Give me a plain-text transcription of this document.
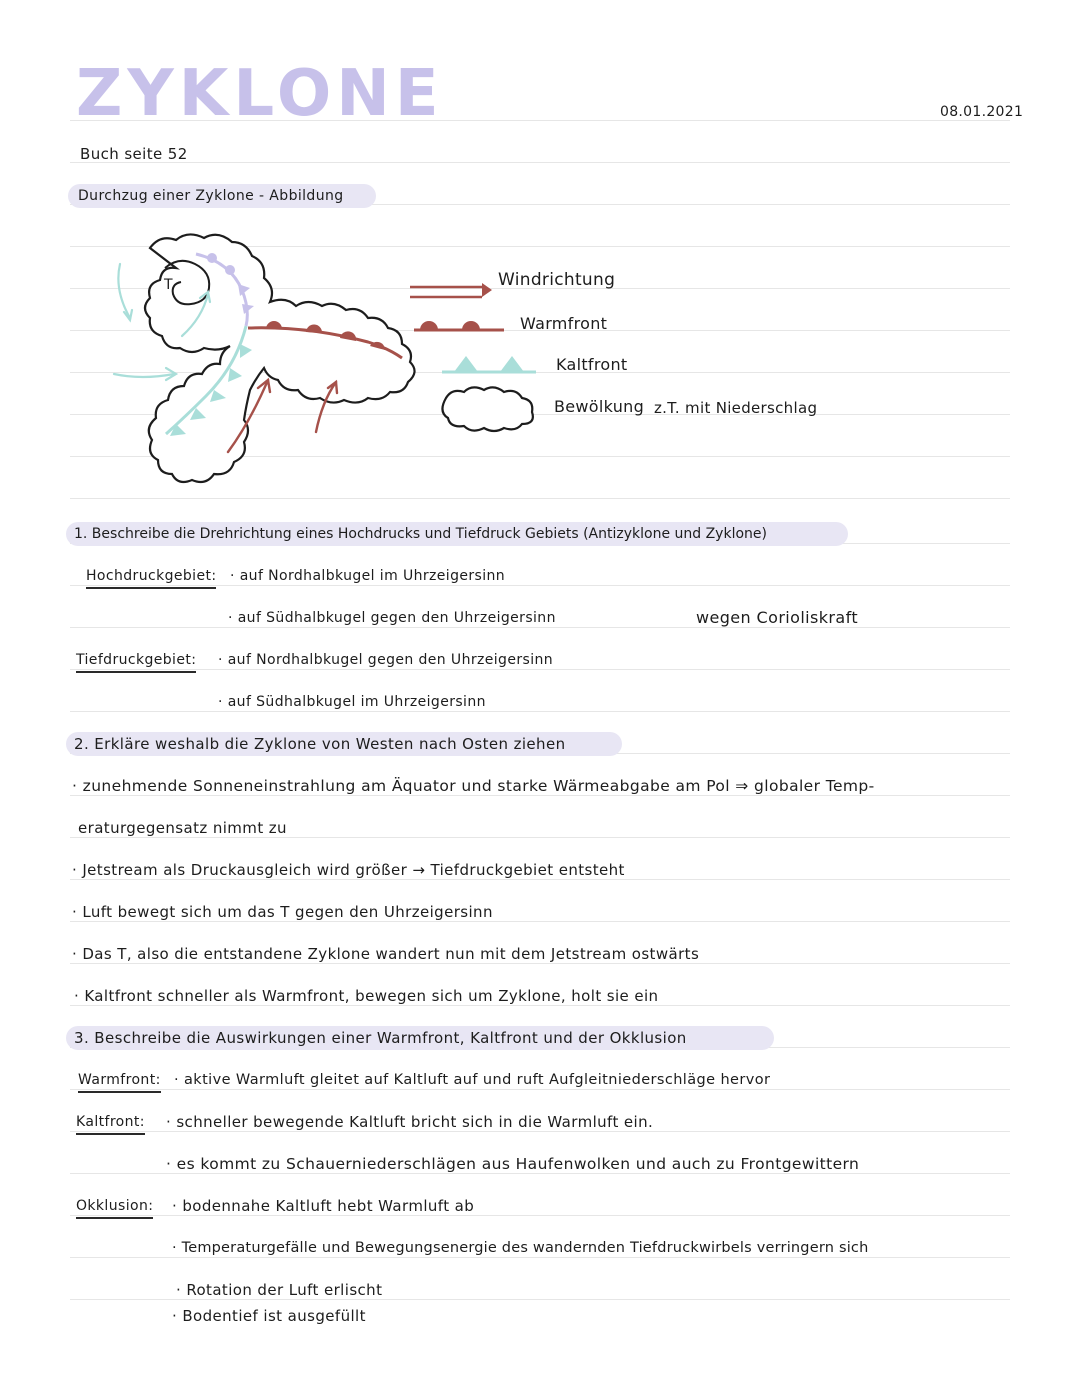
ZYKLONE	08.01.2021
Buch seite 52
Durchzug einer Zyklone - Abbildung
T	Windrichtung
Warmfront
Kaltfront
Bewölkung z.T. mit Niederschlag
1. Beschreibe die Drehrichtung eines Hochdrucks und Tiefdruck Gebiets (Antizyklone und Zyklone)
Hochdruckgebiet: · auf Nordhalbkugel im Uhrzeigersinn
· auf Südhalbkugel gegen den Uhrzeigersinn	wegen Corioliskraft
Tiefdruckgebiet: · auf Nordhalbkugel gegen den Uhrzeigersinn
· auf Südhalbkugel im Uhrzeigersinn
2. Erkläre weshalb die Zyklone von Westen nach Osten ziehen
· zunehmende Sonneneinstrahlung am Äquator und starke Wärmeabgabe am Pol ⇒ globaler Temp-
eraturgegensatz nimmt zu
· Jetstream als Druckausgleich wird größer → Tiefdruckgebiet entsteht
· Luft bewegt sich um das T gegen den Uhrzeigersinn
· Das T, also die entstandene Zyklone wandert nun mit dem Jetstream ostwärts
· Kaltfront schneller als Warmfront, bewegen sich um Zyklone, holt sie ein
3. Beschreibe die Auswirkungen einer Warmfront, Kaltfront und der Okklusion
Warmfront: · aktive Warmluft gleitet auf Kaltluft auf und ruft Aufgleitniederschläge hervor
Kaltfront: · schneller bewegende Kaltluft bricht sich in die Warmluft ein.
· es kommt zu Schauerniederschlägen aus Haufenwolken und auch zu Frontgewittern
Okklusion: · bodennahe Kaltluft hebt Warmluft ab
· Temperaturgefälle und Bewegungsenergie des wandernden Tiefdruckwirbels verringern sich
· Rotation der Luft erlischt
· Bodentief ist ausgefüllt
